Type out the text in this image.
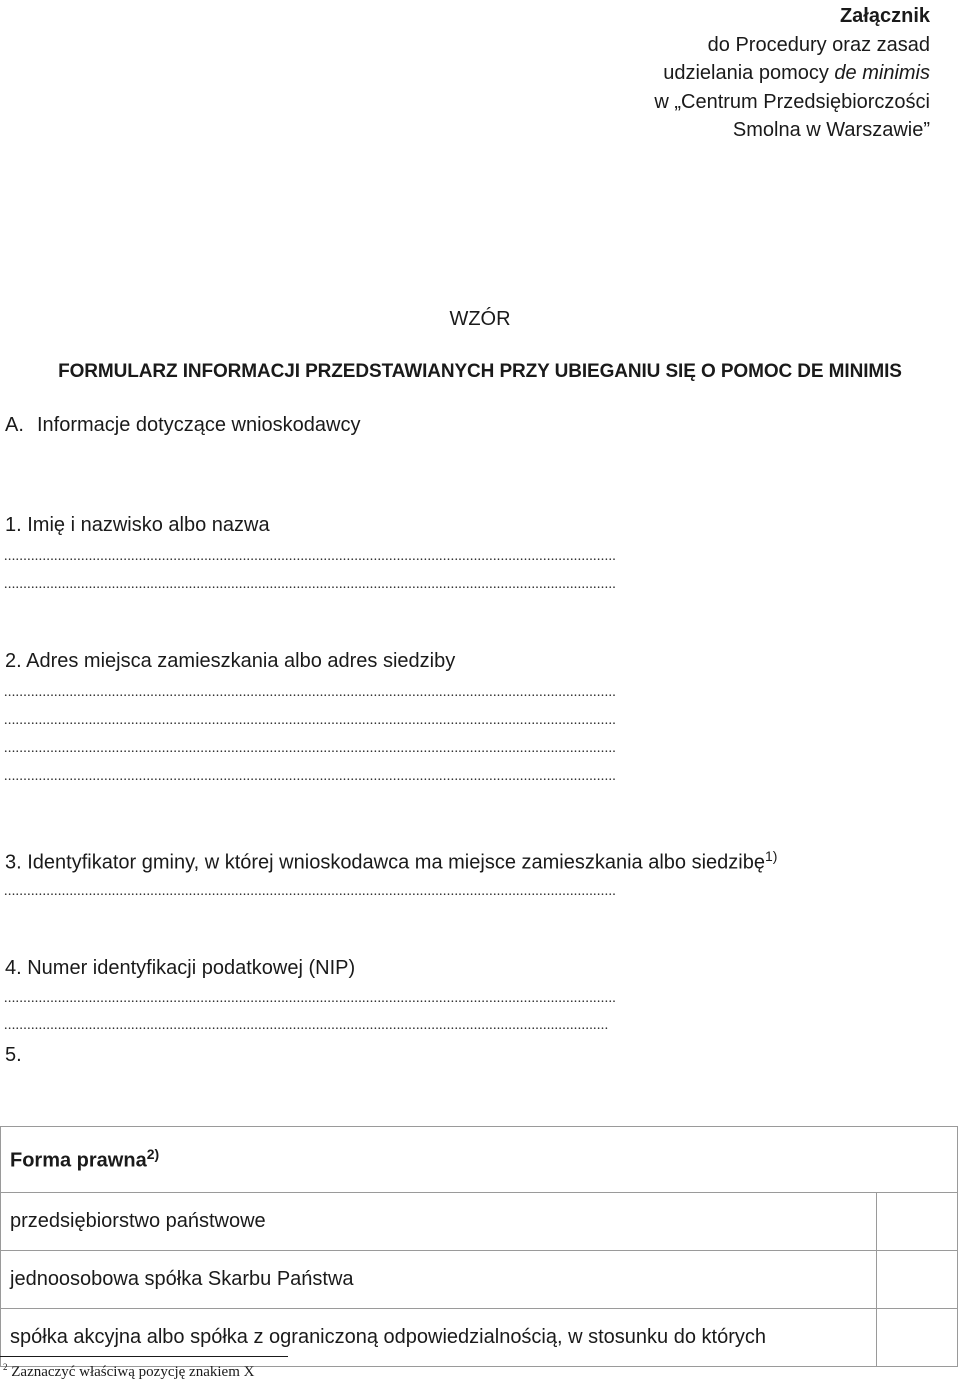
Załącznik
do Procedury oraz zasad
udzielania pomocy de minimis
w „Centrum Przedsiębiorczości
Smolna w Warszawie”
WZÓR
FORMULARZ INFORMACJI PRZEDSTAWIANYCH PRZY UBIEGANIU SIĘ O POMOC DE MINIMIS
A. Informacje dotyczące wnioskodawcy
1. Imię i nazwisko albo nazwa
...............................................................................................................................................................
...............................................................................................................................................................
2. Adres miejsca zamieszkania albo adres siedziby
...............................................................................................................................................................
...............................................................................................................................................................
...............................................................................................................................................................
...............................................................................................................................................................
3. Identyfikator gminy, w której wnioskodawca ma miejsce zamieszkania albo siedzibę$^{1)}$
...............................................................................................................................................................
4. Numer identyfikacji podatkowej (NIP)
...............................................................................................................................................................
.............................................................................................................................................................
5.
Forma prawna$^{2)}$
przedsiębiorstwo państwowe	
jednoosobowa spółka Skarbu Państwa	
spółka akcyjna albo spółka z ograniczoną odpowiedzialnością, w stosunku do których	
$^2$ Zaznaczyć właściwą pozycję znakiem X
